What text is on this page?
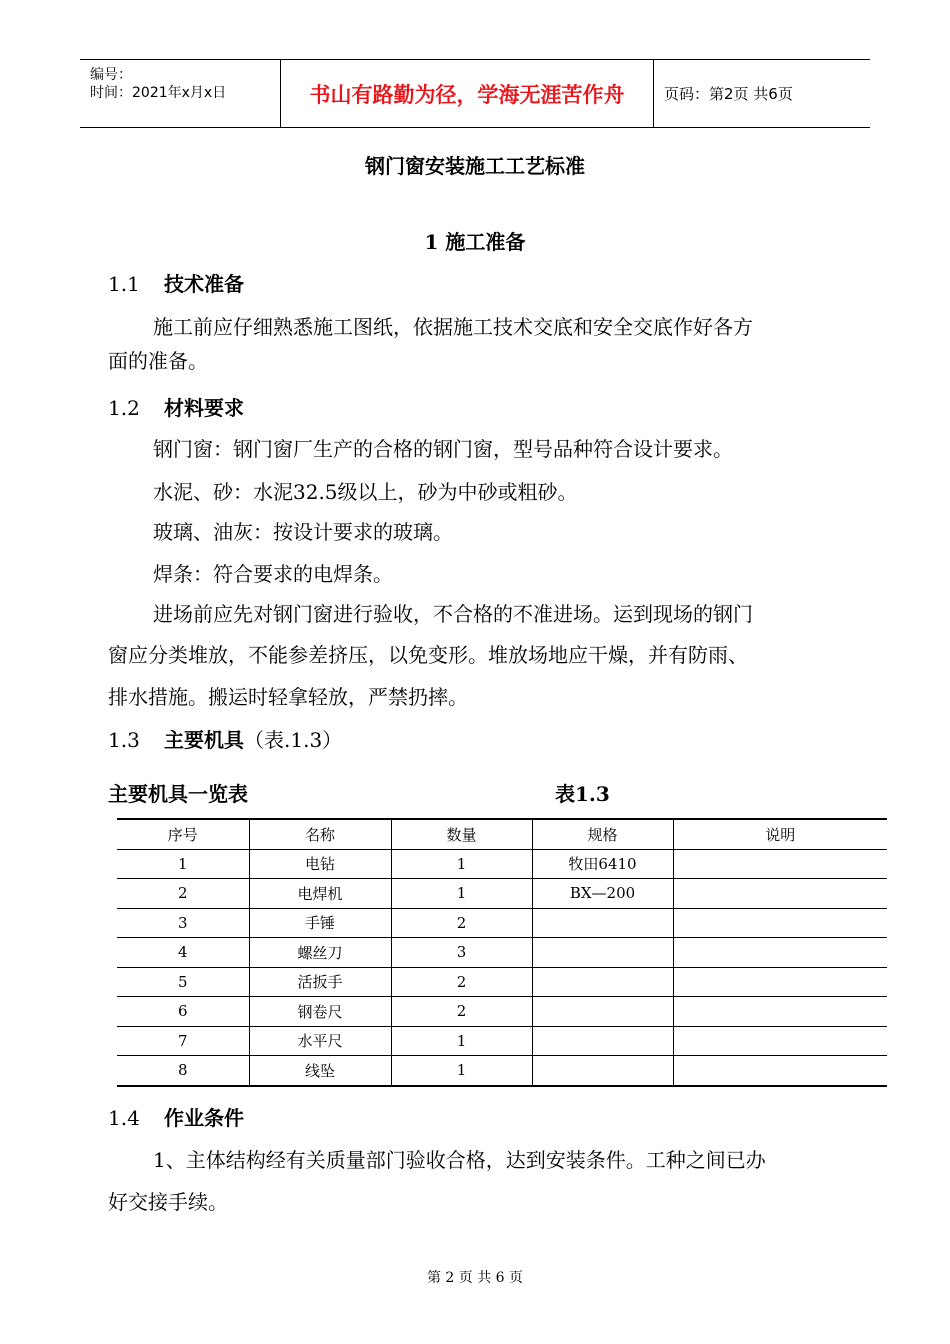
编号：
时间：2021年x月x日	书山有路勤为径，学海无涯苦作舟	页码：第2页 共6页
钢门窗安装施工工艺标准
1 施工准备
1.1 技术准备
施工前应仔细熟悉施工图纸，依据施工技术交底和安全交底作好各方
面的准备。
1.2 材料要求
钢门窗：钢门窗厂生产的合格的钢门窗，型号品种符合设计要求。
水泥、砂：水泥32.5级以上，砂为中砂或粗砂。
玻璃、油灰：按设计要求的玻璃。
焊条：符合要求的电焊条。
进场前应先对钢门窗进行验收，不合格的不准进场。运到现场的钢门
窗应分类堆放，不能参差挤压，以免变形。堆放场地应干燥，并有防雨、
排水措施。搬运时轻拿轻放，严禁扔摔。
1.3 主要机具（表.1.3）
主要机具一览表	表1.3
序号	名称	数量	规格	说明
1	电钻	1	牧田6410	
2	电焊机	1	BX—200	
3	手锤	2		
4	螺丝刀	3		
5	活扳手	2		
6	钢卷尺	2		
7	水平尺	1		
8	线坠	1		
1.4 作业条件
1、主体结构经有关质量部门验收合格，达到安装条件。工种之间已办
好交接手续。
第 2 页 共 6 页
